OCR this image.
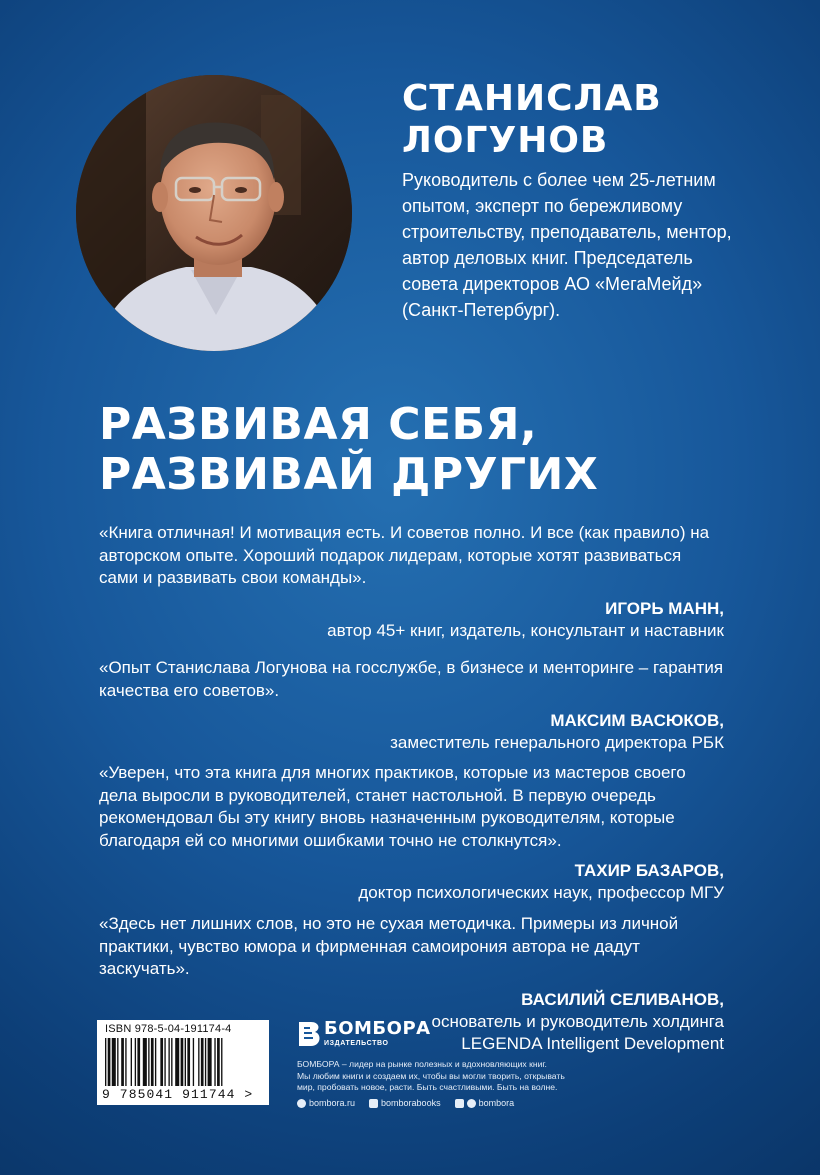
СТАНИСЛАВ
ЛОГУНОВ

Руководитель с более чем 25-летним опытом, эксперт по бережливому строительству, преподаватель, ментор, автор деловых книг. Председатель совета директоров АО «МегаМейд» (Санкт-Петербург).

РАЗВИВАЯ СЕБЯ,
РАЗВИВАЙ ДРУГИХ

«Книга отличная! И мотивация есть. И советов полно. И все (как правило) на авторском опыте. Хороший подарок лидерам, которые хотят развиваться сами и развивать свои команды».

ИГОРЬ МАНН,
автор 45+ книг, издатель, консультант и наставник

«Опыт Станислава Логунова на госслужбе, в бизнесе и менторинге – гарантия качества его советов».

МАКСИМ ВАСЮКОВ,
заместитель генерального директора РБК

«Уверен, что эта книга для многих практиков, которые из мастеров своего дела выросли в руководителей, станет настольной. В первую очередь рекомендовал бы эту книгу вновь назначенным руководителям, которые благодаря ей со многими ошибками точно не столкнутся».

ТАХИР БАЗАРОВ,
доктор психологических наук, профессор МГУ

«Здесь нет лишних слов, но это не сухая методичка. Примеры из личной практики, чувство юмора и фирменная самоирония автора не дадут заскучать».

ВАСИЛИЙ СЕЛИВАНОВ,
основатель и руководитель холдинга
LEGENDA Intelligent Development
ISBN 978-5-04-191174-4
9 785041 911744 >
БОМБОРА
ИЗДАТЕЛЬСТВО

БОМБОРА – лидер на рынке полезных и вдохновляющих книг.
Мы любим книги и создаем их, чтобы вы могли творить, открывать
мир, пробовать новое, расти. Быть счастливыми. Быть на волне.

bombora.ru	bomborabooks	bombora
